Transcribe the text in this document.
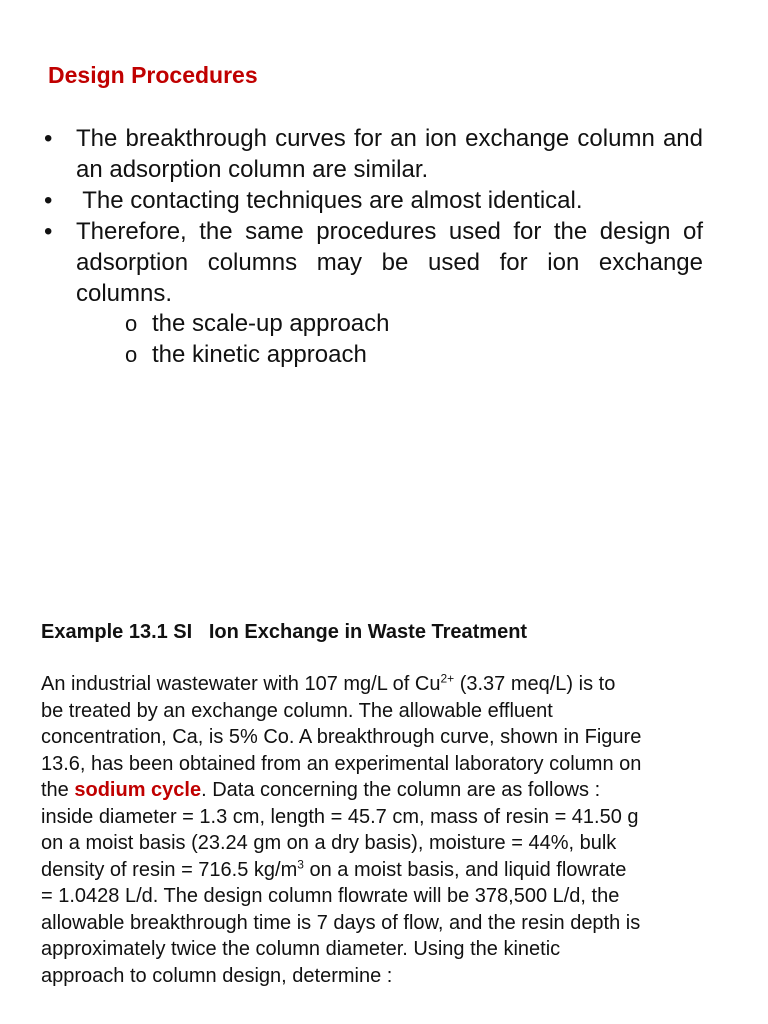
Design Procedures
• The breakthrough curves for an ion exchange column and an adsorption column are similar.
• The contacting techniques are almost identical.
• Therefore, the same procedures used for the design of adsorption columns may be used for ion exchange columns.
o the scale-up approach
o the kinetic approach
Example 13.1 SI   Ion Exchange in Waste Treatment

An industrial wastewater with 107 mg/L of $Cu^{2+}$ (3.37 meq/L) is to
be treated by an exchange column. The allowable effluent
concentration, Ca, is 5% Co. A breakthrough curve, shown in Figure
13.6, has been obtained from an experimental laboratory column on
the sodium cycle. Data concerning the column are as follows :
inside diameter = 1.3 cm, length = 45.7 cm, mass of resin = 41.50 g
on a moist basis (23.24 gm on a dry basis), moisture = 44%, bulk
density of resin = 716.5 $kg/m^3$ on a moist basis, and liquid flowrate
= 1.0428 L/d. The design column flowrate will be 378,500 L/d, the
allowable breakthrough time is 7 days of flow, and the resin depth is
approximately twice the column diameter. Using the kinetic
approach to column design, determine :
